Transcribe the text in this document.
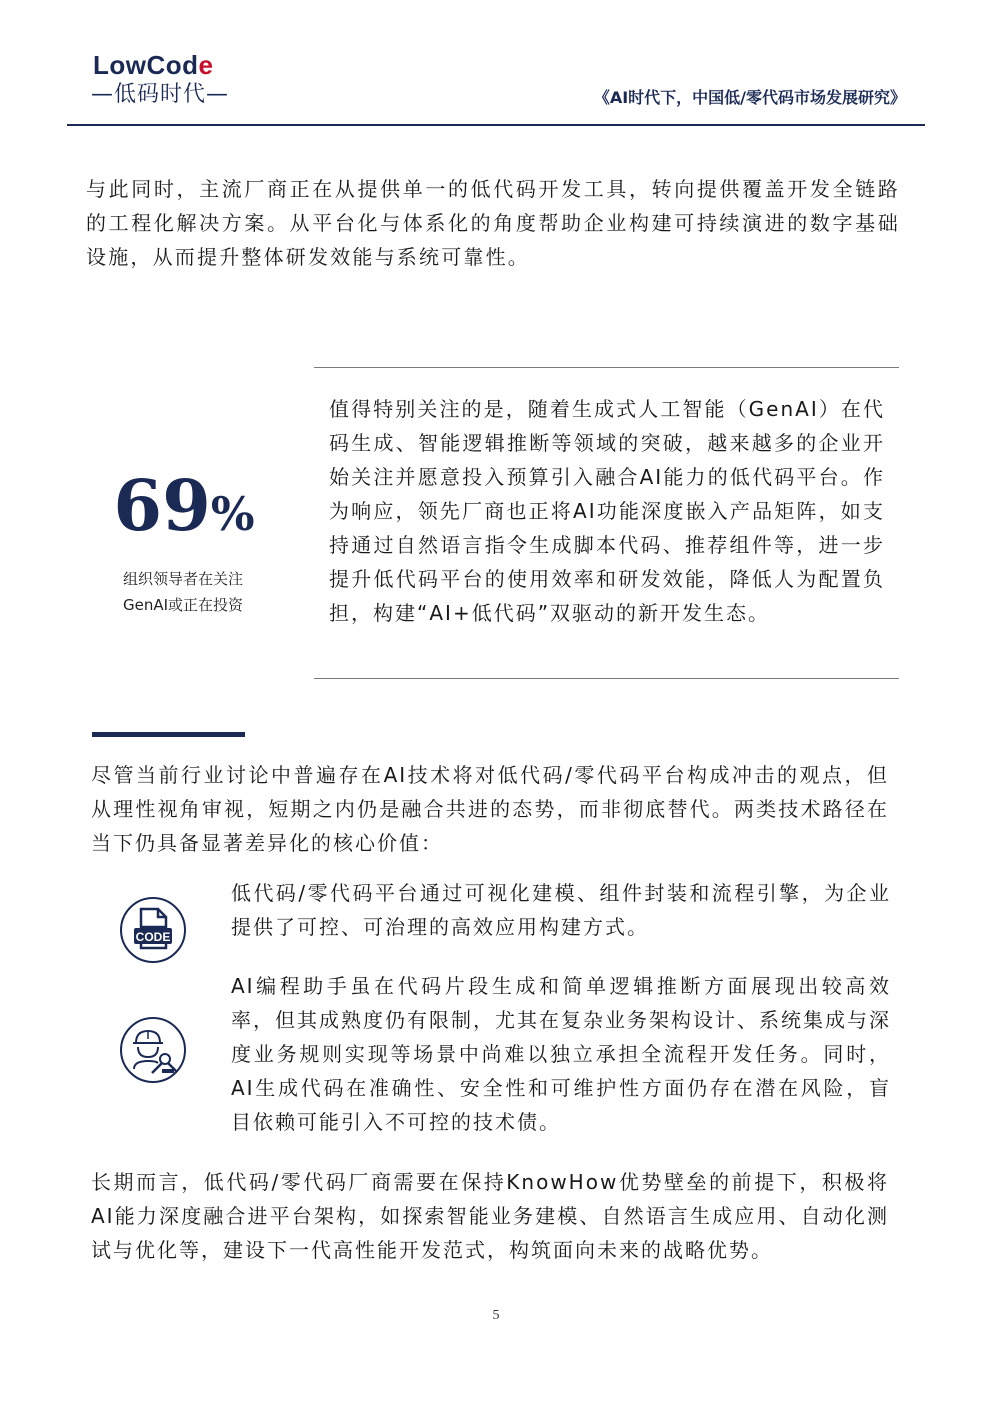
LowCode
—低码时代—	《AI时代下，中国低/零代码市场发展研究》
与此同时，主流厂商正在从提供单一的低代码开发工具，转向提供覆盖开发全链路的工程化解决方案。从平台化与体系化的角度帮助企业构建可持续演进的数字基础设施，从而提升整体研发效能与系统可靠性。
69%
组织领导者在关注
GenAI或正在投资
值得特别关注的是，随着生成式人工智能（GenAI）在代码生成、智能逻辑推断等领域的突破，越来越多的企业开始关注并愿意投入预算引入融合AI能力的低代码平台。作为响应，领先厂商也正将AI功能深度嵌入产品矩阵，如支持通过自然语言指令生成脚本代码、推荐组件等，进一步提升低代码平台的使用效率和研发效能，降低人为配置负担，构建“AI+低代码”双驱动的新开发生态。
尽管当前行业讨论中普遍存在AI技术将对低代码/零代码平台构成冲击的观点，但从理性视角审视，短期之内仍是融合共进的态势，而非彻底替代。两类技术路径在当下仍具备显著差异化的核心价值：
CODE
低代码/零代码平台通过可视化建模、组件封装和流程引擎，为企业提供了可控、可治理的高效应用构建方式。
AI编程助手虽在代码片段生成和简单逻辑推断方面展现出较高效率，但其成熟度仍有限制，尤其在复杂业务架构设计、系统集成与深度业务规则实现等场景中尚难以独立承担全流程开发任务。同时，AI生成代码在准确性、安全性和可维护性方面仍存在潜在风险，盲目依赖可能引入不可控的技术债。
长期而言，低代码/零代码厂商需要在保持KnowHow优势壁垒的前提下，积极将AI能力深度融合进平台架构，如探索智能业务建模、自然语言生成应用、自动化测试与优化等，建设下一代高性能开发范式，构筑面向未来的战略优势。
5
